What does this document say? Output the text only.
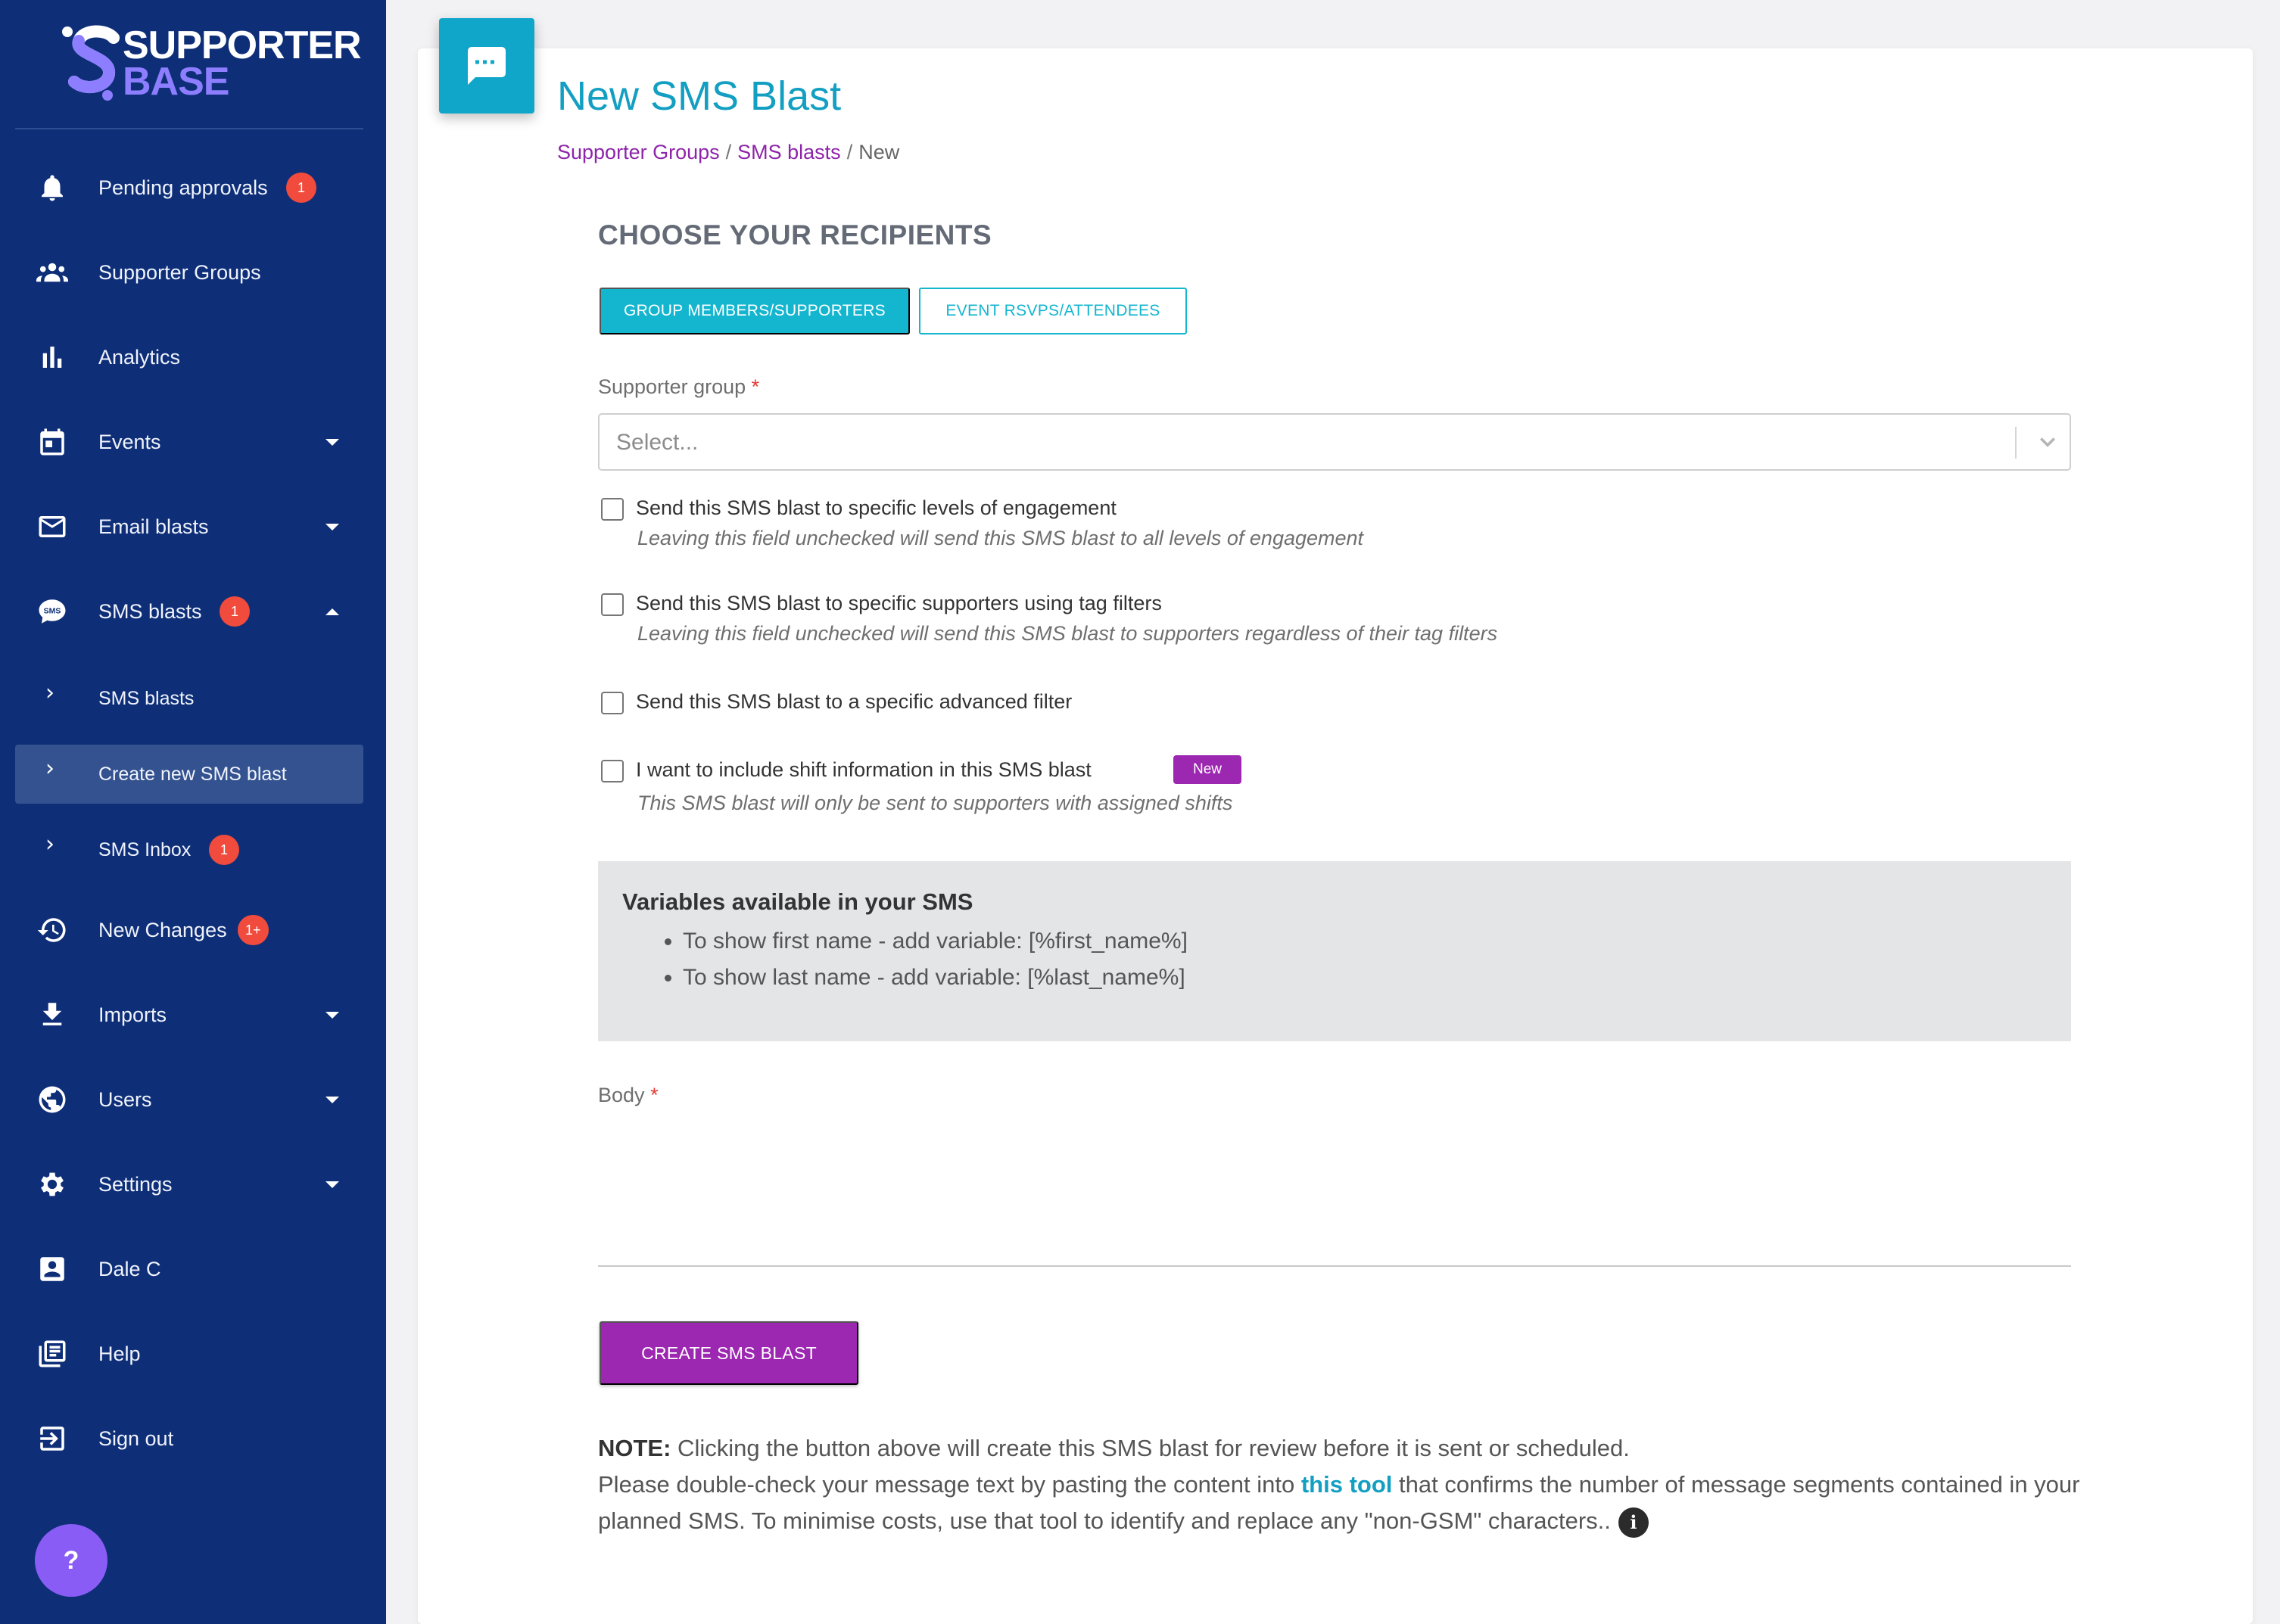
SUPPORTER
BASE
Pending approvals	1
Supporter Groups
Analytics
Events
Email blasts
SMS SMS blasts	1
› SMS blasts
› Create new SMS blast
› SMS Inbox	1
New Changes	1+
Imports
Users
Settings
Dale C
Help
Sign out
?
New SMS Blast
Supporter Groups / SMS blasts / New
CHOOSE YOUR RECIPIENTS
GROUP MEMBERS/SUPPORTERS	EVENT RSVPS/ATTENDEES
Supporter group *
Select...
Send this SMS blast to specific levels of engagement
Leaving this field unchecked will send this SMS blast to all levels of engagement
Send this SMS blast to specific supporters using tag filters
Leaving this field unchecked will send this SMS blast to supporters regardless of their tag filters
Send this SMS blast to a specific advanced filter
I want to include shift information in this SMS blast	New
This SMS blast will only be sent to supporters with assigned shifts
Variables available in your SMS
• To show first name - add variable: [%first_name%]
• To show last name - add variable: [%last_name%]
Body *
CREATE SMS BLAST

NOTE: Clicking the button above will create this SMS blast for review before it is sent or scheduled.
Please double-check your message text by pasting the content into this tool that confirms the number of message segments contained in your planned SMS. To minimise costs, use that tool to identify and replace any "non-GSM" characters.. i
